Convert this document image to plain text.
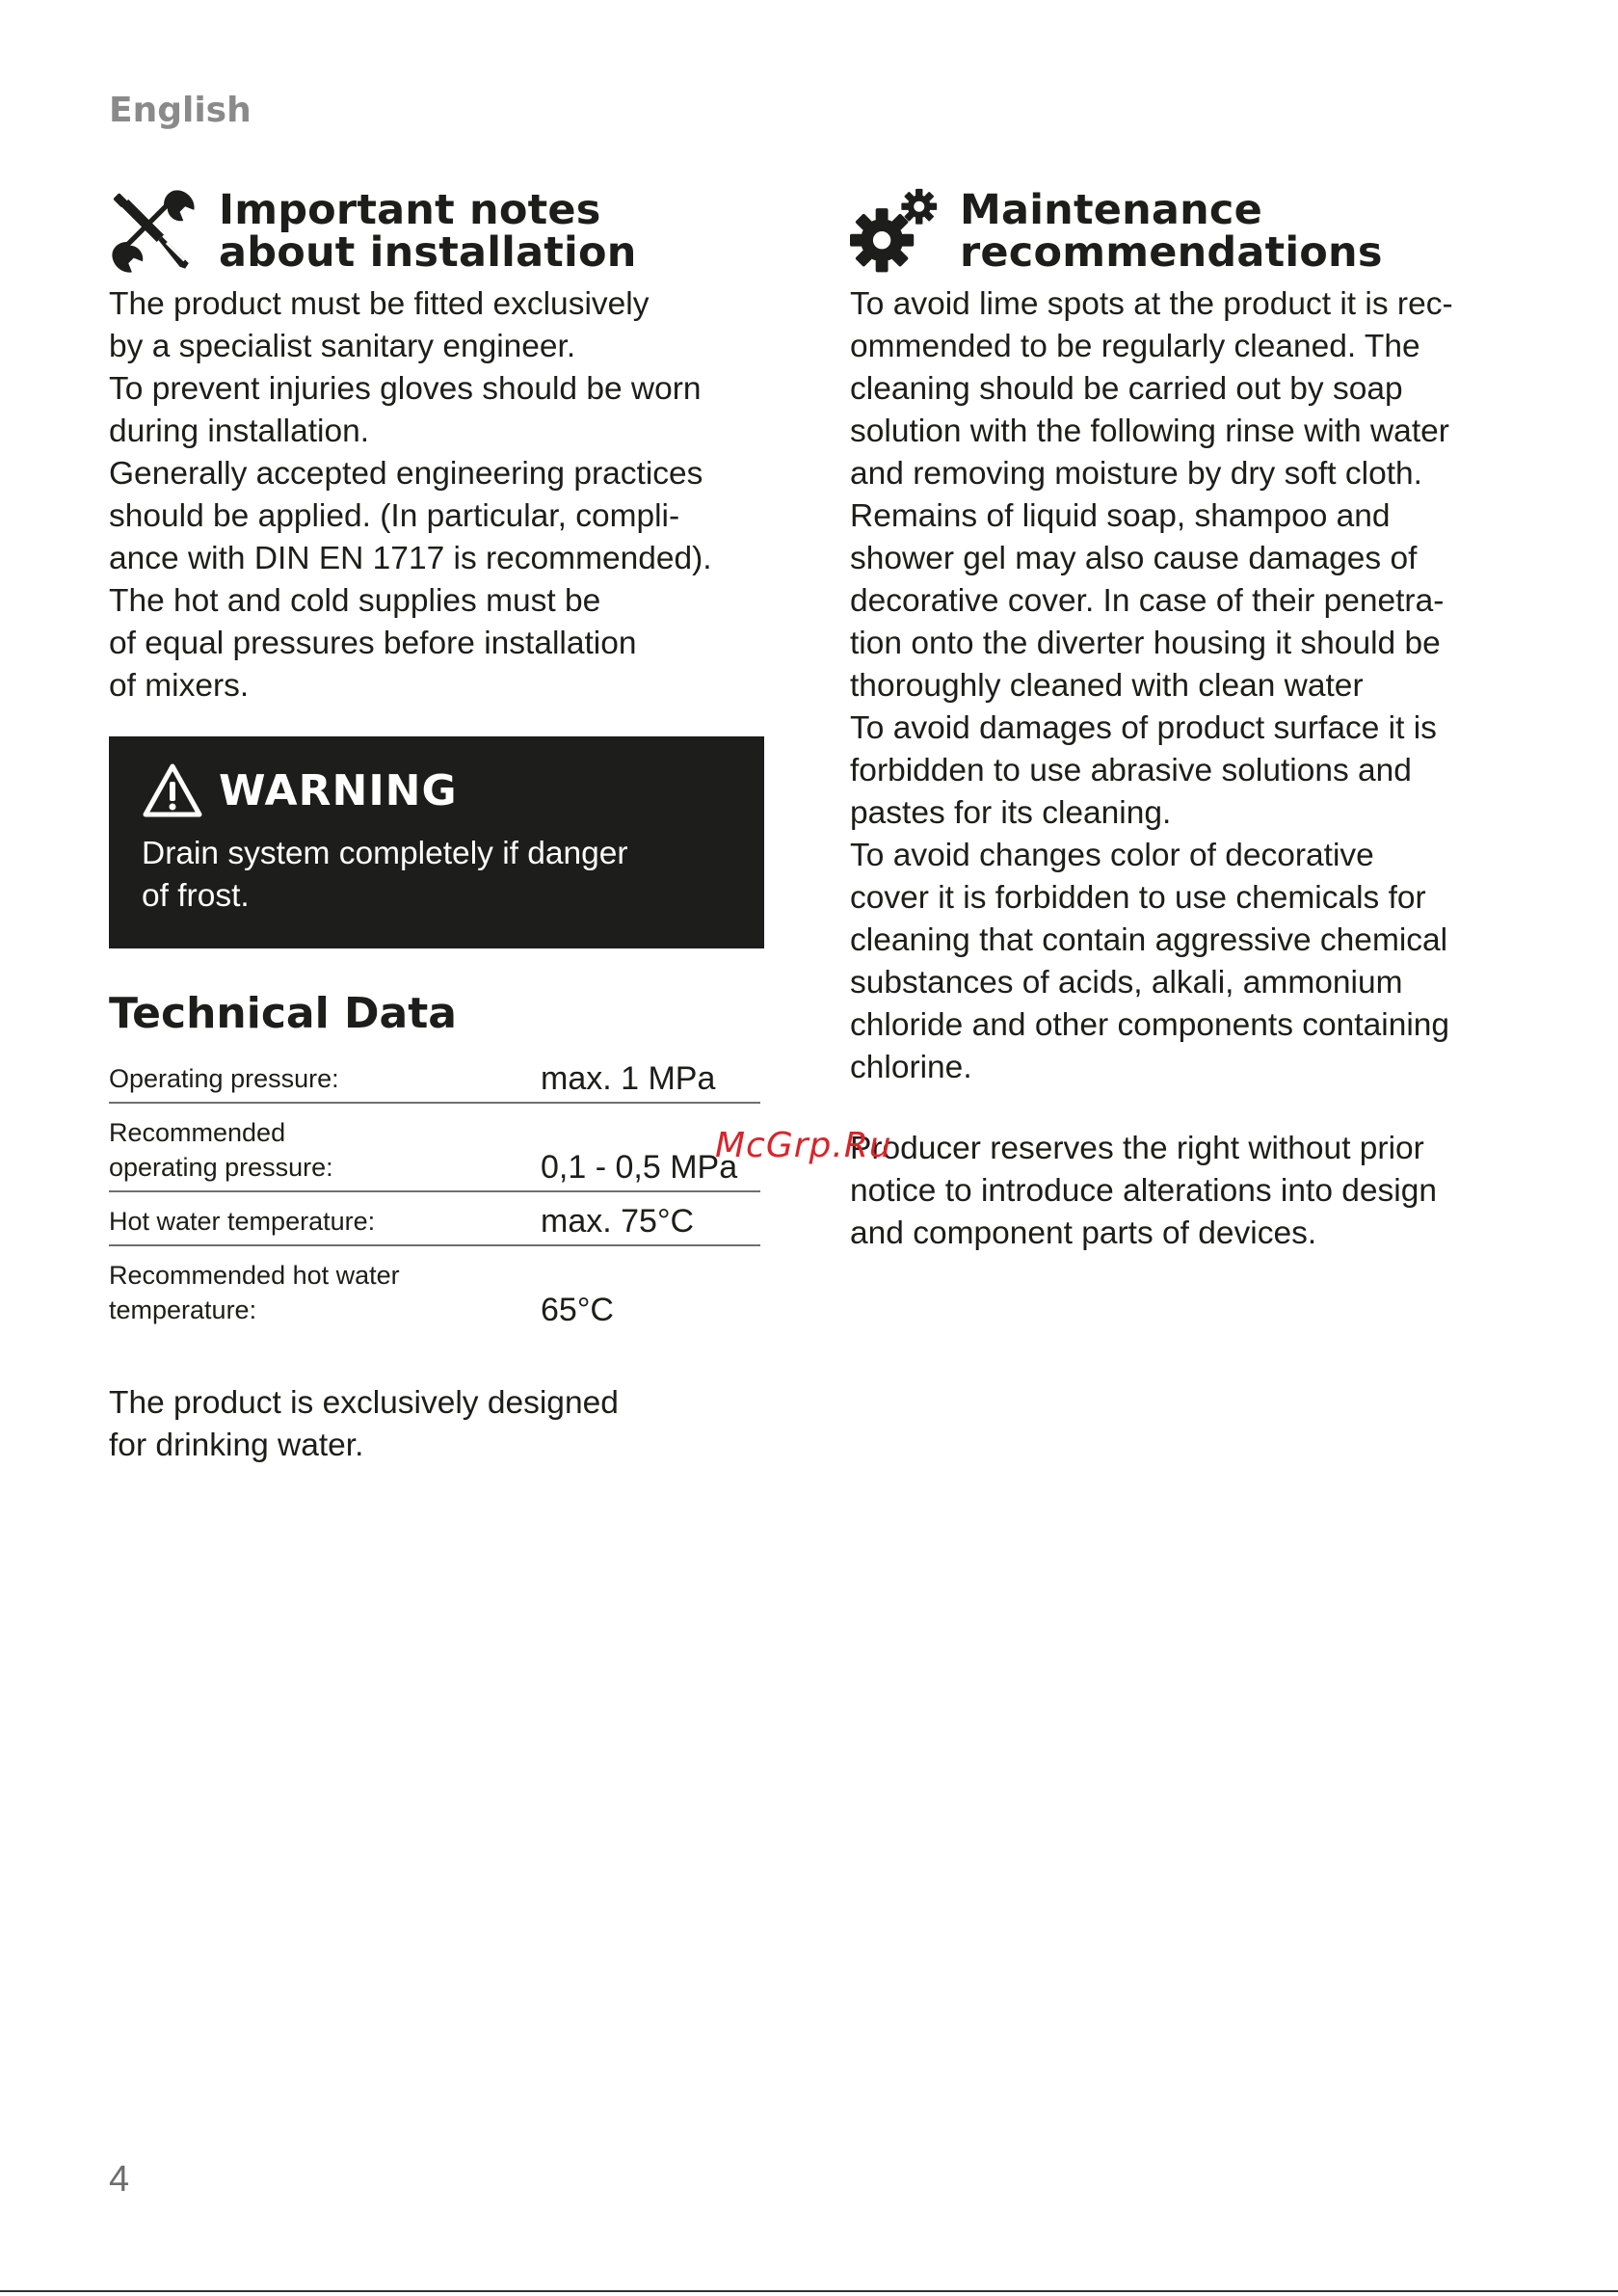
English
Important notes
about installation

The product must be fitted exclusively
by a specialist sanitary engineer.
To prevent injuries gloves should be worn
during installation.
Generally accepted engineering practices
should be applied. (In particular, compli-
ance with DIN EN 1717 is recommended).
The hot and cold supplies must be
of equal pressures before installation
of mixers.

WARNING
Drain system completely if danger
of frost.
Technical Data
Operating pressure:	max. 1 MPa

Recommended
operating pressure:	0,1 - 0,5 MPa

Hot water temperature:	max. 75°C

Recommended hot water
temperature:	65°C
The product is exclusively designed
for drinking water.
Maintenance
recommendations

To avoid lime spots at the product it is rec-
ommended to be regularly cleaned. The
cleaning should be carried out by soap
solution with the following rinse with water
and removing moisture by dry soft cloth.
Remains of liquid soap, shampoo and
shower gel may also cause damages of
decorative cover. In case of their penetra-
tion onto the diverter housing it should be
thoroughly cleaned with clean water
To avoid damages of product surface it is
forbidden to use abrasive solutions and
pastes for its cleaning.
To avoid changes color of decorative
cover it is forbidden to use chemicals for
cleaning that contain aggressive chemical
substances of acids, alkali, ammonium
chloride and other components containing
chlorine.

Producer reserves the right without prior
notice to introduce alterations into design
and component parts of devices.
McGrp.Ru
4
